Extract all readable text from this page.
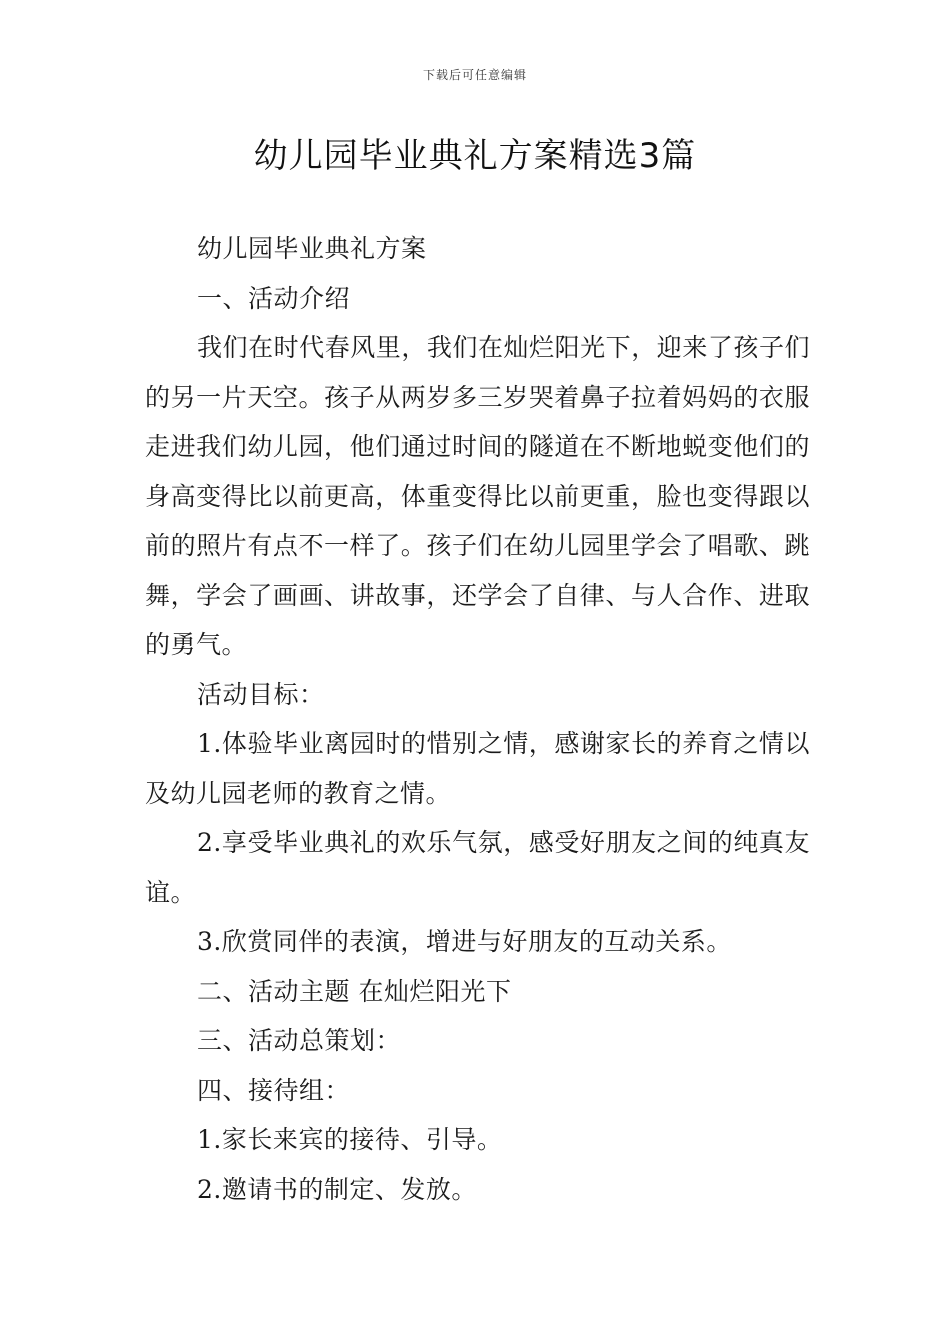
下载后可任意编辑
幼儿园毕业典礼方案精选3篇

幼儿园毕业典礼方案

一、活动介绍

我们在时代春风里，我们在灿烂阳光下，迎来了孩子们的另一片天空。孩子从两岁多三岁哭着鼻子拉着妈妈的衣服走进我们幼儿园，他们通过时间的隧道在不断地蜕变他们的身高变得比以前更高，体重变得比以前更重，脸也变得跟以前的照片有点不一样了。孩子们在幼儿园里学会了唱歌、跳舞，学会了画画、讲故事，还学会了自律、与人合作、进取的勇气。

活动目标：

1.体验毕业离园时的惜别之情，感谢家长的养育之情以及幼儿园老师的教育之情。

2.享受毕业典礼的欢乐气氛，感受好朋友之间的纯真友谊。

3.欣赏同伴的表演，增进与好朋友的互动关系。

二、活动主题 在灿烂阳光下

三、活动总策划：

四、接待组：

1.家长来宾的接待、引导。

2.邀请书的制定、发放。
